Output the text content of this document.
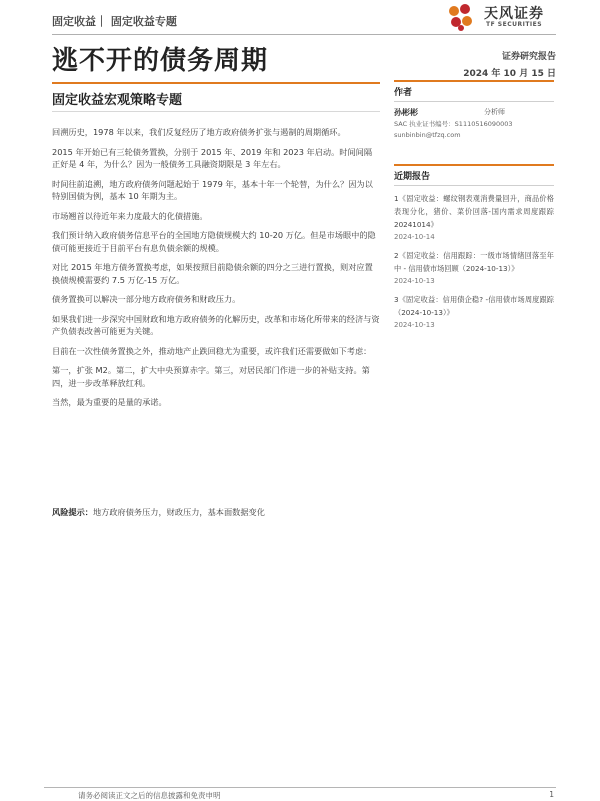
固定收益｜ 固定收益专题	天风证券
TF SECURITIES
逃不开的债务周期	证券研究报告
2024 年 10 月 15 日
固定收益宏观策略专题	作者
孙彬彬	分析师
SAC 执业证书编号：S1110516090003
sunbinbin@tfzq.com
近期报告
1《固定收益：螺纹钢表观消费量回升，商品价格表现分化，猪价、菜价回落-国内需求周度跟踪 20241014》
2024-10-14
2《固定收益：信用跟踪：一级市场情绪回落至年中 - 信用债市场回顾（2024-10-13）》
2024-10-13
3《固定收益：信用债企稳? -信用债市场周度跟踪（2024-10-13）》
2024-10-13

回溯历史，1978 年以来，我们反复经历了地方政府债务扩张与遏制的周期循环。

2015 年开始已有三轮债务置换，分别于 2015 年、2019 年和 2023 年启动。时间间隔正好是 4 年，为什么？因为一般债务工具融资期限是 3 年左右。

时间往前追溯，地方政府债务问题起始于 1979 年，基本十年一个轮替，为什么？因为以特别国债为例，基本 10 年期为主。

市场翘首以待近年来力度最大的化债措施。

我们预计纳入政府债务信息平台的全国地方隐债规模大约 10-20 万亿。但是市场眼中的隐债可能更接近于目前平台有息负债余额的规模。

对比 2015 年地方债务置换考虑，如果按照目前隐债余额的四分之三进行置换，则对应置换债规模需要约 7.5 万亿-15 万亿。

债务置换可以解决一部分地方政府债务和财政压力。

如果我们进一步深究中国财政和地方政府债务的化解历史，改革和市场化所带来的经济与资产负债表改善可能更为关键。

目前在一次性债务置换之外，推动地产止跌回稳尤为重要，或许我们还需要做如下考虑：

第一，扩张 M2。第二，扩大中央预算赤字。第三，对居民部门作进一步的补贴支持。第四，进一步改革释放红利。

当然，最为重要的是量的承诺。

风险提示：地方政府债务压力，财政压力，基本面数据变化
请务必阅读正文之后的信息披露和免责申明	1
